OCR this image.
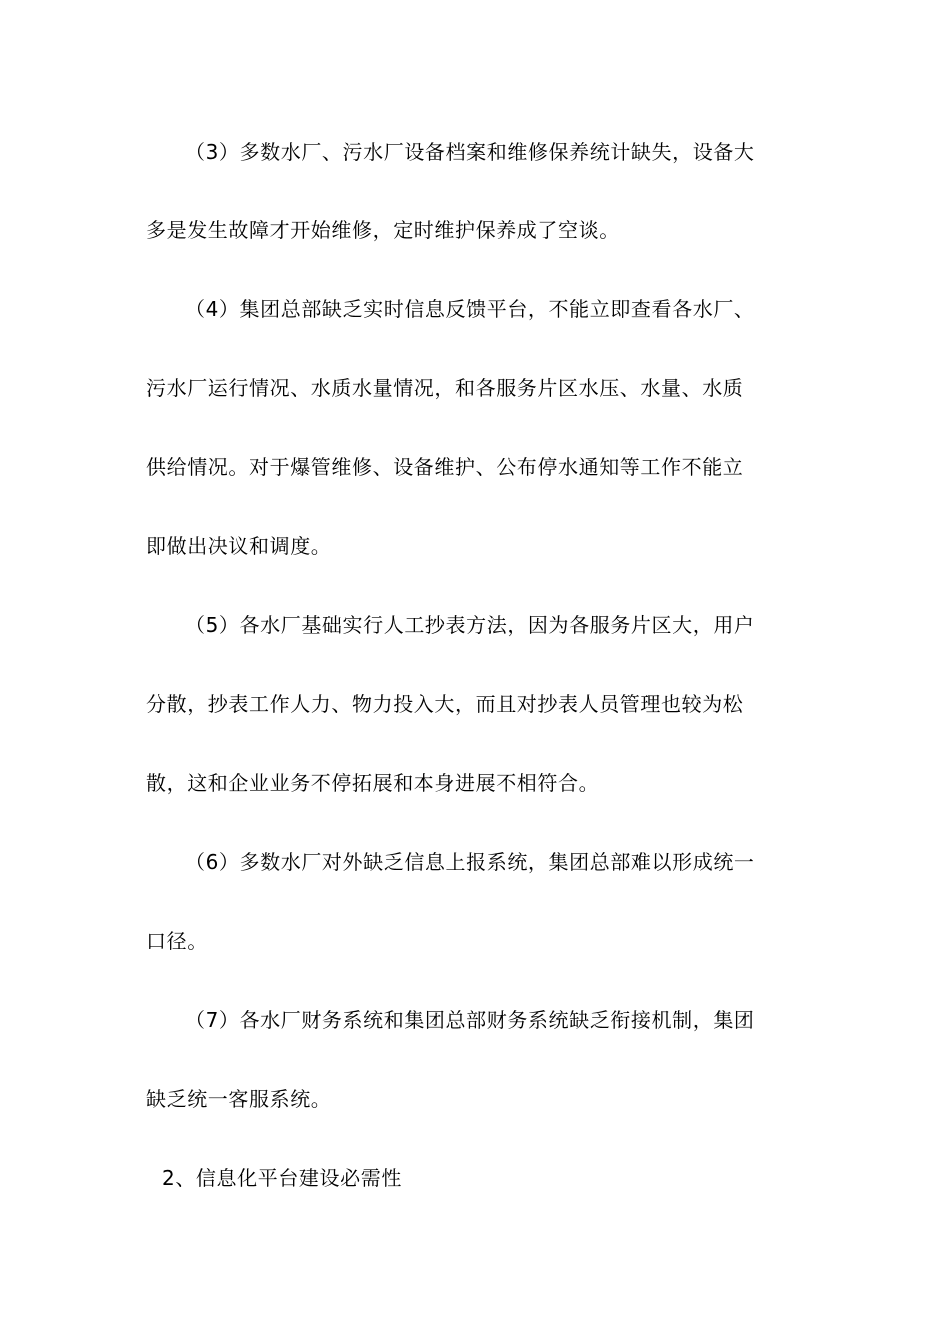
（3）多数水厂、污水厂设备档案和维修保养统计缺失，设备大
多是发生故障才开始维修，定时维护保养成了空谈。
（4）集团总部缺乏实时信息反馈平台，不能立即查看各水厂、
污水厂运行情况、水质水量情况，和各服务片区水压、水量、水质
供给情况。对于爆管维修、设备维护、公布停水通知等工作不能立
即做出决议和调度。
（5）各水厂基础实行人工抄表方法，因为各服务片区大，用户
分散，抄表工作人力、物力投入大，而且对抄表人员管理也较为松
散，这和企业业务不停拓展和本身进展不相符合。
（6）多数水厂对外缺乏信息上报系统，集团总部难以形成统一
口径。
（7）各水厂财务系统和集团总部财务系统缺乏衔接机制，集团
缺乏统一客服系统。
2、信息化平台建设必需性
